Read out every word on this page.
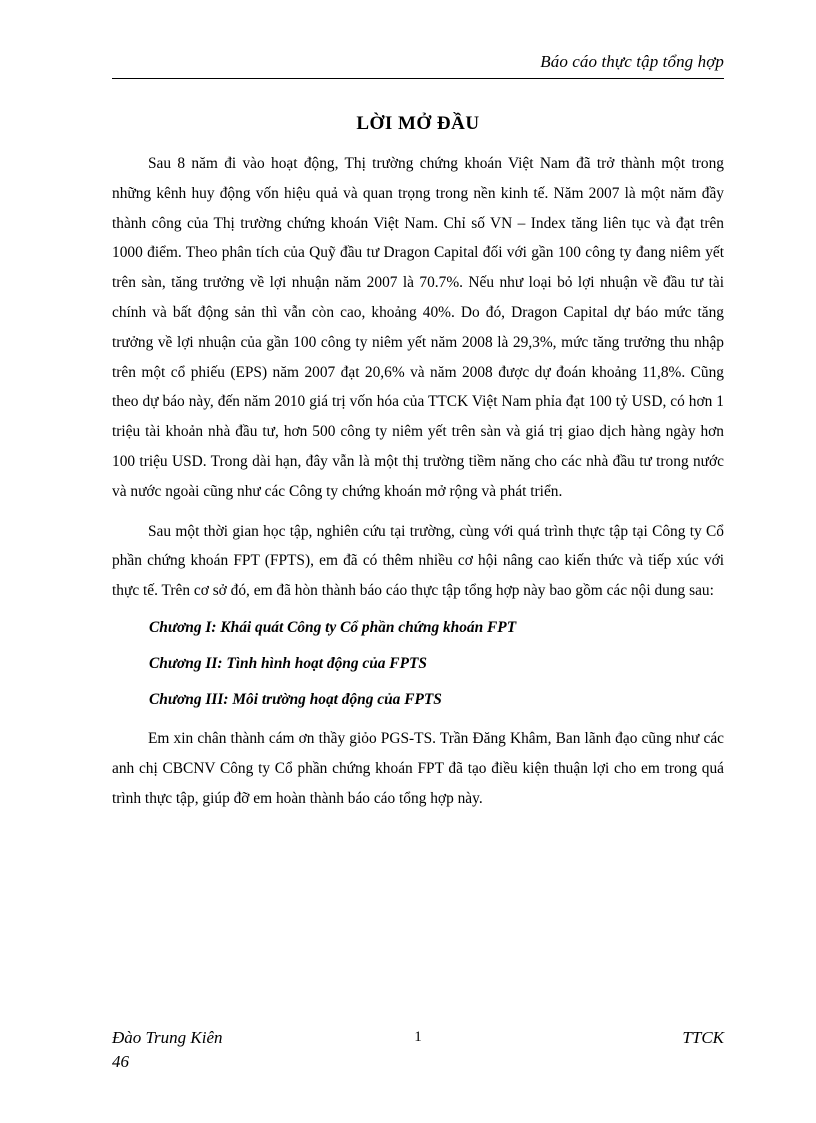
Báo cáo thực tập tổng hợp
LỜI MỞ ĐẦU

Sau 8 năm đi vào hoạt động, Thị trường chứng khoán Việt Nam đã trở thành một trong những kênh huy động vốn hiệu quả và quan trọng trong nền kinh tế. Năm 2007 là một năm đầy thành công của Thị trường chứng khoán Việt Nam. Chỉ số VN – Index tăng liên tục và đạt trên 1000 điểm. Theo phân tích của Quỹ đầu tư Dragon Capital đối với gần 100 công ty đang niêm yết trên sàn, tăng trưởng về lợi nhuận năm 2007 là 70.7%. Nếu như loại bỏ lợi nhuận về đầu tư tài chính và bất động sản thì vẫn còn cao, khoảng 40%. Do đó, Dragon Capital dự báo mức tăng trưởng về lợi nhuận của gần 100 công ty niêm yết năm 2008 là 29,3%, mức tăng trưởng thu nhập trên một cổ phiếu (EPS) năm 2007 đạt 20,6% và năm 2008 được dự đoán khoảng 11,8%. Cũng theo dự báo này, đến năm 2010 giá trị vốn hóa của TTCK Việt Nam phỉa đạt 100 tỷ USD, có hơn 1 triệu tài khoản nhà đầu tư, hơn 500 công ty niêm yết trên sàn và giá trị giao dịch hàng ngày hơn 100 triệu USD. Trong dài hạn, đây vẫn là một thị trường tiềm năng cho các nhà đầu tư trong nước và nước ngoài cũng như các Công ty chứng khoán mở rộng và phát triển.

Sau một thời gian học tập, nghiên cứu tại trường, cùng với quá trình thực tập tại Công ty Cổ phần chứng khoán FPT (FPTS), em đã có thêm nhiều cơ hội nâng cao kiến thức và tiếp xúc với thực tế. Trên cơ sở đó, em đã hòn thành báo cáo thực tập tổng hợp này bao gồm các nội dung sau:

Chương I: Khái quát Công ty Cổ phần chứng khoán FPT

Chương II: Tình hình hoạt động của FPTS

Chương III: Môi trường hoạt động của FPTS

Em xin chân thành cám ơn thầy giỏo PGS-TS. Trần Đăng Khâm, Ban lãnh đạo cũng như các anh chị CBCNV Công ty Cổ phần chứng khoán FPT đã tạo điều kiện thuận lợi cho em trong quá trình thực tập, giúp đỡ em hoàn thành báo cáo tổng hợp này.

Đào Trung Kiên
46
1	TTCK
